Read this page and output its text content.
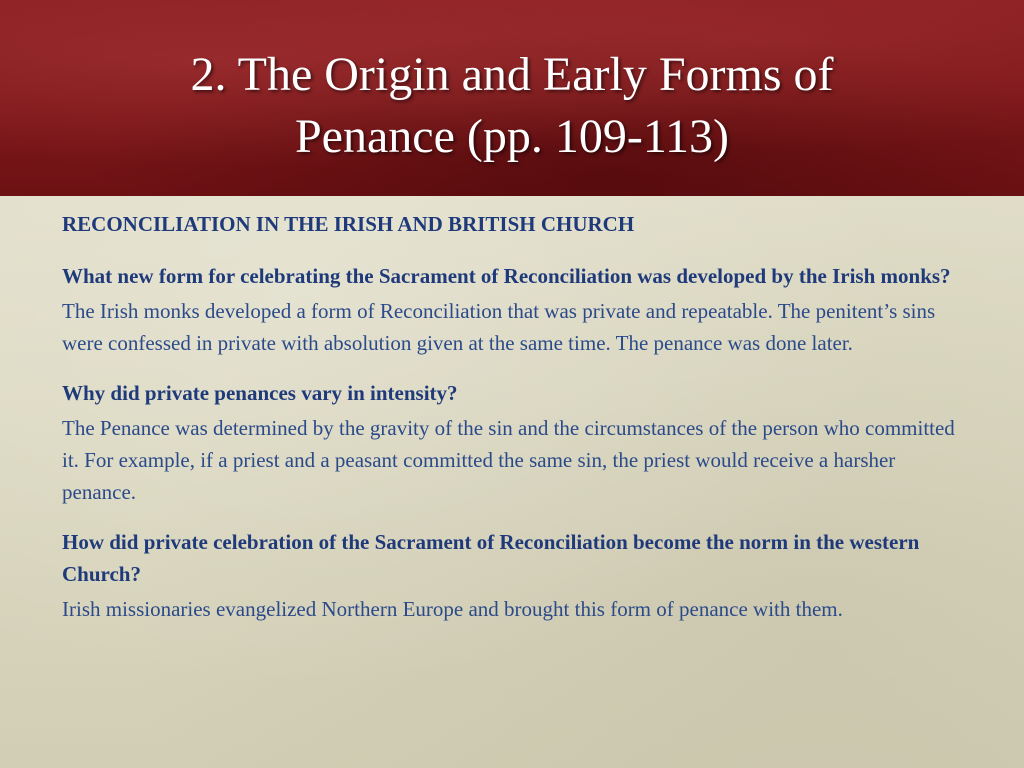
2. The Origin and Early Forms of
Penance (pp. 109-113)

RECONCILIATION IN THE IRISH AND BRITISH CHURCH

What new form for celebrating the Sacrament of Reconciliation was developed by the Irish monks?

The Irish monks developed a form of Reconciliation that was private and repeatable. The penitent’s sins were confessed in private with absolution given at the same time. The penance was done later.

Why did private penances vary in intensity?

The Penance was determined by the gravity of the sin and the circumstances of the person who committed it. For example, if a priest and a peasant committed the same sin, the priest would receive a harsher penance.

How did private celebration of the Sacrament of Reconciliation become the norm in the western Church?

Irish missionaries evangelized Northern Europe and brought this form of penance with them.
